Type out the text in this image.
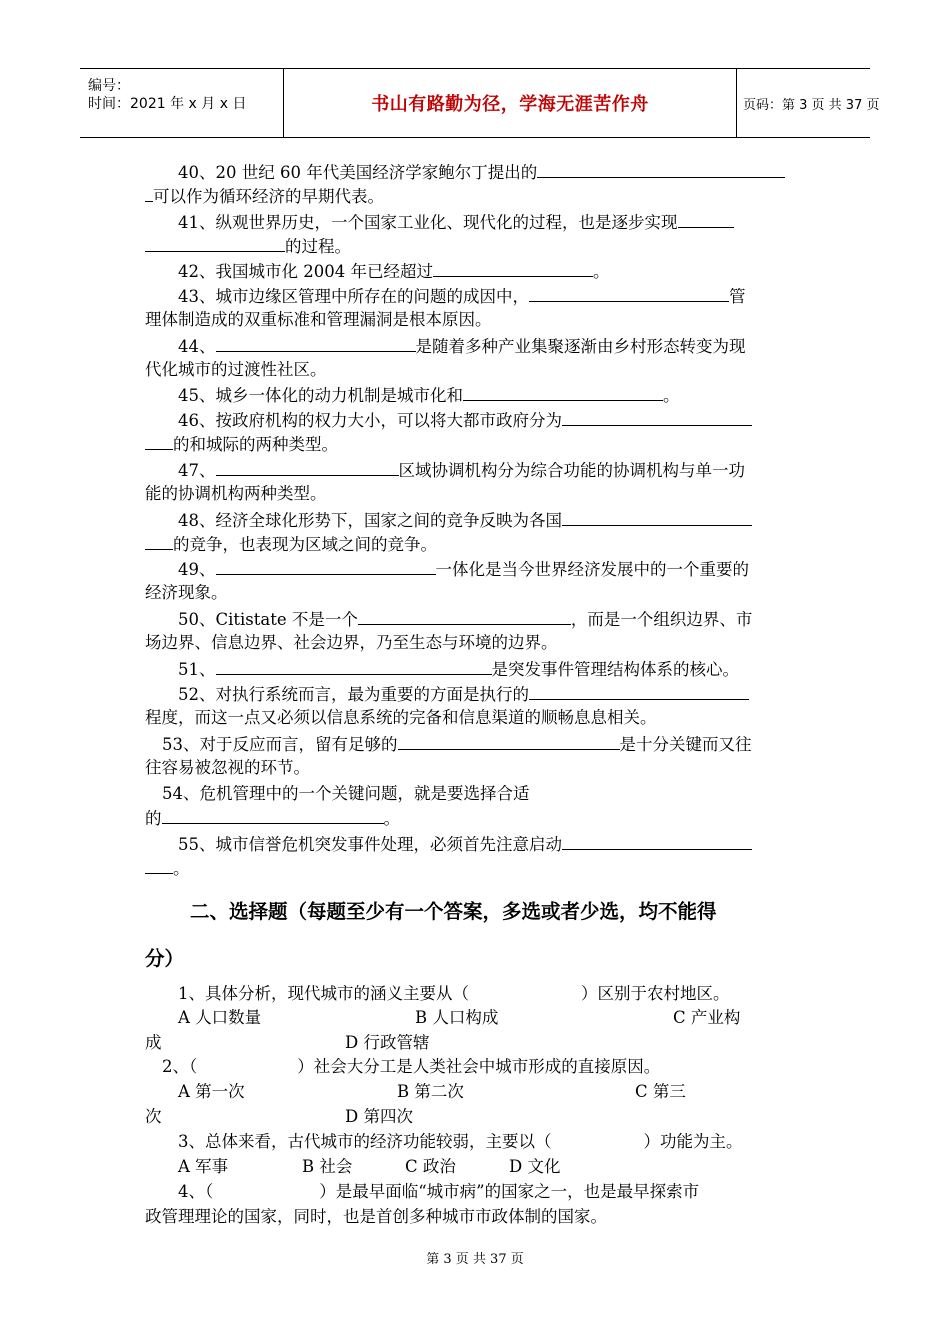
编号：
时间：2021 年 x 月 x 日	书山有路勤为径，学海无涯苦作舟	页码：第 3 页 共 37 页
40、20 世纪 60 年代美国经济学家鲍尔丁提出的
可以作为循环经济的早期代表。
41、纵观世界历史，一个国家工业化、现代化的过程，也是逐步实现
的过程。
42、我国城市化 2004 年已经超过	。
43、城市边缘区管理中所存在的问题的成因中，	管
理体制造成的双重标准和管理漏洞是根本原因。
44、	是随着多种产业集聚逐渐由乡村形态转变为现
代化城市的过渡性社区。
45、城乡一体化的动力机制是城市化和	。
46、按政府机构的权力大小，可以将大都市政府分为
的和城际的两种类型。
47、	区域协调机构分为综合功能的协调机构与单一功
能的协调机构两种类型。
48、经济全球化形势下，国家之间的竞争反映为各国
的竞争，也表现为区域之间的竞争。
49、	一体化是当今世界经济发展中的一个重要的
经济现象。
50、Citistate 不是一个	，而是一个组织边界、市
场边界、信息边界、社会边界，乃至生态与环境的边界。
51、	是突发事件管理结构体系的核心。
52、对执行系统而言，最为重要的方面是执行的
程度，而这一点又必须以信息系统的完备和信息渠道的顺畅息息相关。
53、对于反应而言，留有足够的	是十分关键而又往
往容易被忽视的环节。
54、危机管理中的一个关键问题，就是要选择合适
的	。
55、城市信誉危机突发事件处理，必须首先注意启动
。
二、选择题（每题至少有一个答案，多选或者少选，均不能得
分）
1、具体分析，现代城市的涵义主要从（	）区别于农村地区。
A 人口数量	B 人口构成	C 产业构
成	D 行政管辖
2、（	）社会大分工是人类社会中城市形成的直接原因。
A 第一次	B 第二次	C 第三
次	D 第四次
3、总体来看，古代城市的经济功能较弱，主要以（	）功能为主。
A 军事	B 社会	C 政治	D 文化
4、（	）是最早面临“城市病”的国家之一，也是最早探索市
政管理理论的国家，同时，也是首创多种城市市政体制的国家。
第 3 页 共 37 页
